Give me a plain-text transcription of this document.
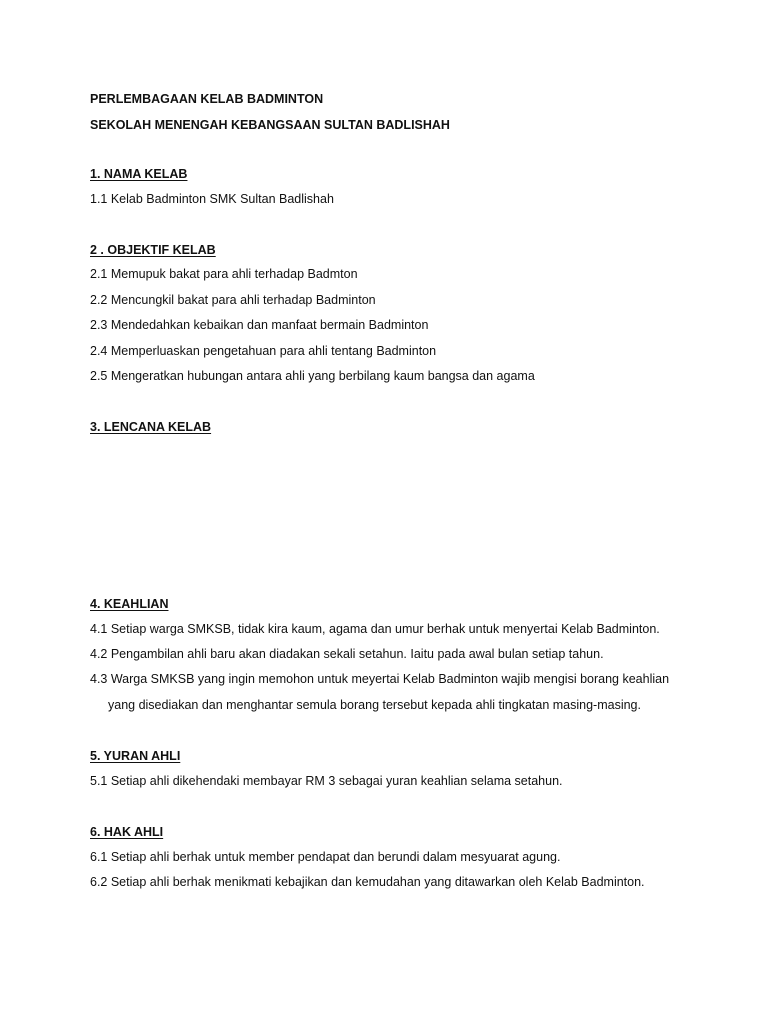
PERLEMBAGAAN KELAB BADMINTON
SEKOLAH MENENGAH KEBANGSAAN SULTAN BADLISHAH
1. NAMA KELAB
1.1 Kelab Badminton SMK Sultan Badlishah
2 . OBJEKTIF KELAB
2.1 Memupuk bakat para ahli terhadap Badmton
2.2 Mencungkil bakat para ahli terhadap Badminton
2.3 Mendedahkan kebaikan dan manfaat bermain Badminton
2.4 Memperluaskan pengetahuan para ahli tentang Badminton
2.5 Mengeratkan hubungan antara ahli yang berbilang kaum bangsa dan agama
3. LENCANA KELAB
4. KEAHLIAN
4.1 Setiap warga SMKSB, tidak kira kaum, agama dan umur berhak untuk menyertai Kelab Badminton.
4.2 Pengambilan ahli baru akan diadakan sekali setahun. Iaitu pada awal bulan setiap tahun.
4.3 Warga SMKSB yang ingin memohon untuk meyertai Kelab Badminton wajib mengisi borang keahlian
yang disediakan dan menghantar semula borang tersebut kepada ahli tingkatan masing-masing.
5. YURAN AHLI
5.1 Setiap ahli dikehendaki membayar RM 3 sebagai yuran keahlian selama setahun.
6. HAK AHLI
6.1 Setiap ahli berhak untuk member pendapat dan berundi dalam mesyuarat agung.
6.2 Setiap ahli berhak menikmati kebajikan dan kemudahan yang ditawarkan oleh Kelab Badminton.
